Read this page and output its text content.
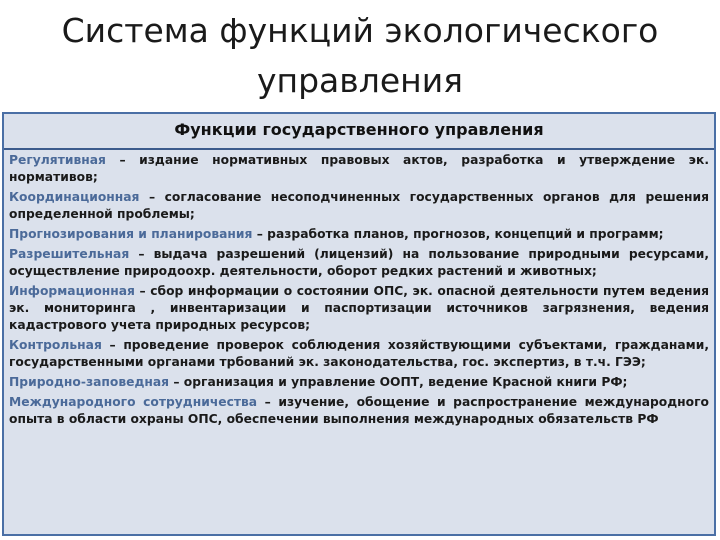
Система функций экологического управления
Функции государственного управления

Регулятивная – издание нормативных правовых актов, разработка и утверждение эк. нормативов;

Координационная – согласование несоподчиненных государственных органов для решения определенной проблемы;

Прогнозирования и планирования – разработка планов, прогнозов, концепций и программ;

Разрешительная – выдача разрешений (лицензий) на пользование природными ресурсами, осуществление природоохр. деятельности, оборот редких растений и животных;

Информационная – сбор информации о состоянии ОПС, эк. опасной деятельности путем ведения эк. мониторинга , инвентаризации и паспортизации источников загрязнения, ведения кадастрового учета природных ресурсов;

Контрольная – проведение проверок соблюдения хозяйствующими субъектами, гражданами, государственными органами трбований эк. законодательства, гос. экспертиз, в т.ч. ГЭЭ;

Природно-заповедная – организация и управление ООПТ, ведение Красной книги РФ;

Международного сотрудничества – изучение, обощение и распространение международного опыта в области охраны ОПС, обеспечении выполнения международных обязательств РФ
